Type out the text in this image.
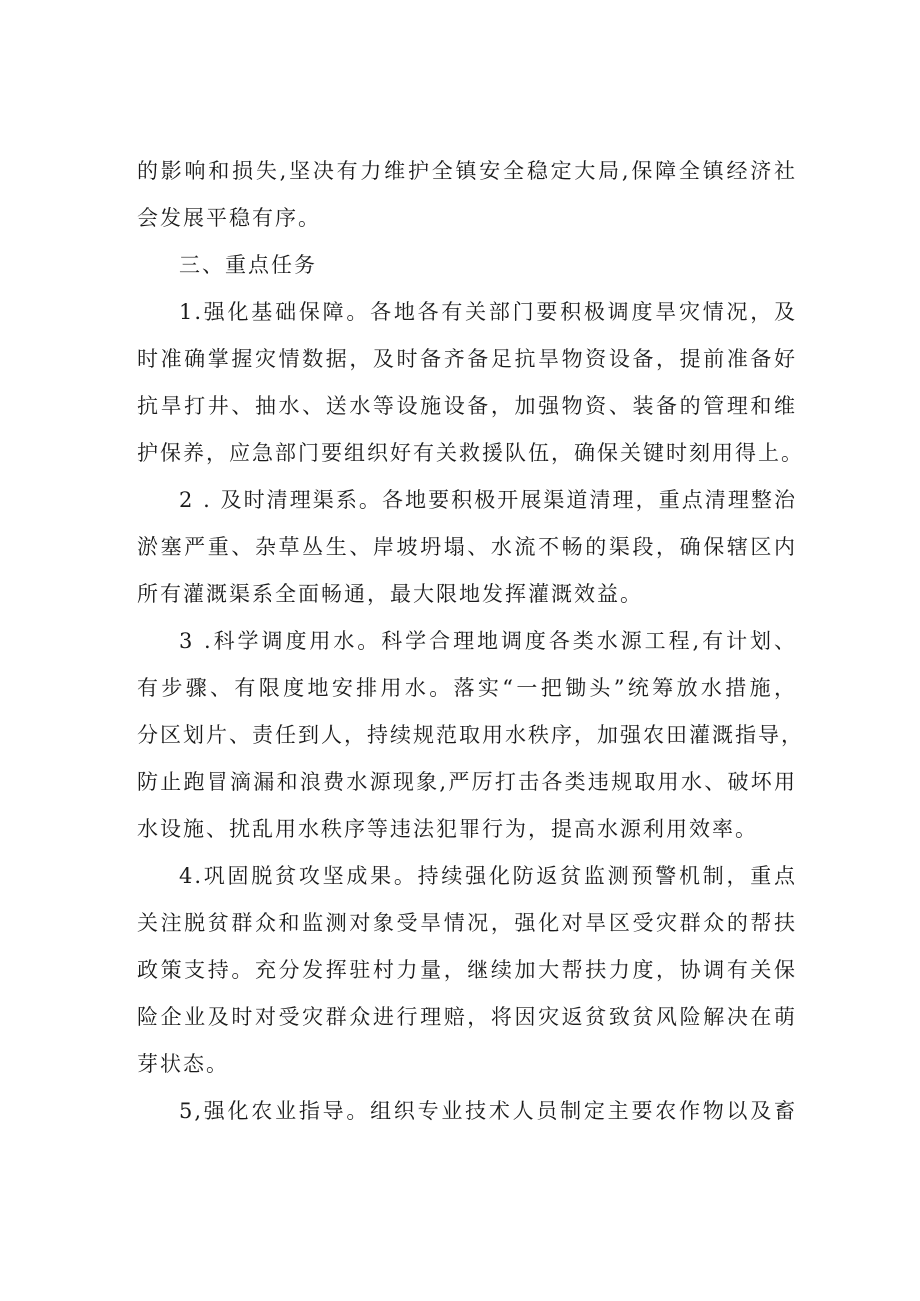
的影响和损失,坚决有力维护全镇安全稳定大局,保障全镇经济社
会发展平稳有序。
三、重点任务
1.强化基础保障。各地各有关部门要积极调度旱灾情况，及
时准确掌握灾情数据，及时备齐备足抗旱物资设备，提前准备好
抗旱打井、抽水、送水等设施设备，加强物资、装备的管理和维
护保养，应急部门要组织好有关救援队伍，确保关键时刻用得上。
2 . 及时清理渠系。各地要积极开展渠道清理，重点清理整治
淤塞严重、杂草丛生、岸坡坍塌、水流不畅的渠段，确保辖区内
所有灌溉渠系全面畅通，最大限地发挥灌溉效益。
3 .科学调度用水。科学合理地调度各类水源工程,有计划、
有步骤、有限度地安排用水。落实“一把锄头”统筹放水措施，
分区划片、责任到人，持续规范取用水秩序，加强农田灌溉指导，
防止跑冒滴漏和浪费水源现象,严厉打击各类违规取用水、破坏用
水设施、扰乱用水秩序等违法犯罪行为，提高水源利用效率。
4.巩固脱贫攻坚成果。持续强化防返贫监测预警机制，重点
关注脱贫群众和监测对象受旱情况，强化对旱区受灾群众的帮扶
政策支持。充分发挥驻村力量，继续加大帮扶力度，协调有关保
险企业及时对受灾群众进行理赔，将因灾返贫致贫风险解决在萌
芽状态。
5,强化农业指导。组织专业技术人员制定主要农作物以及畜
